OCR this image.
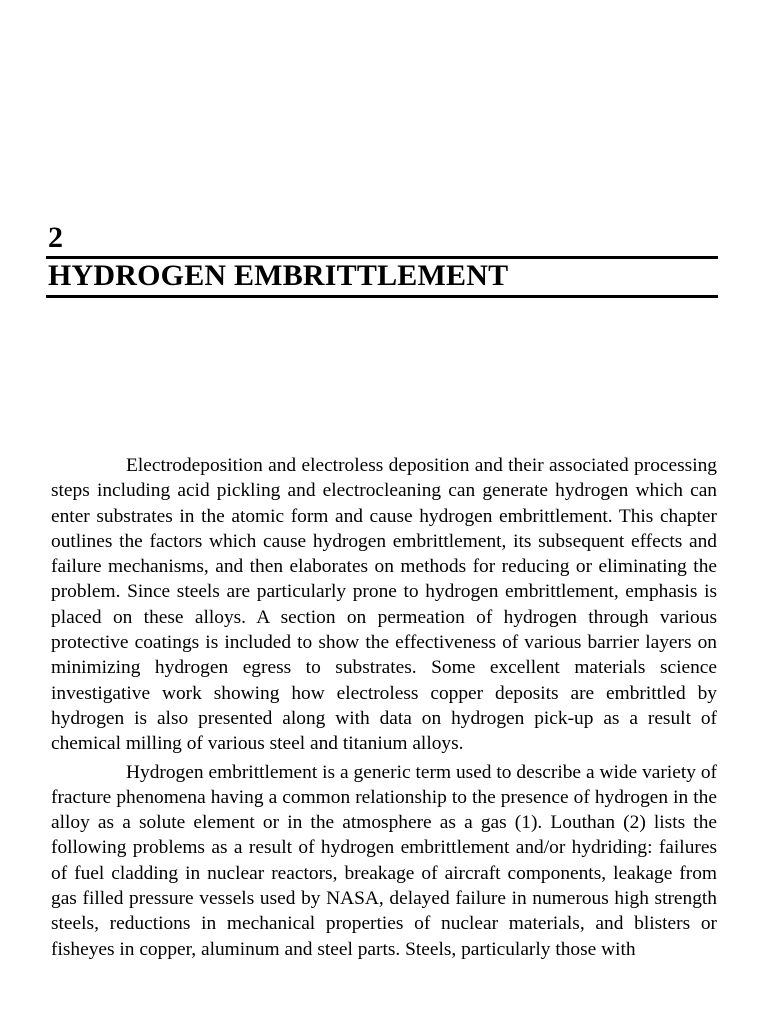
2
HYDROGEN EMBRITTLEMENT

Electrodeposition and electroless deposition and their associated processing steps including acid pickling and electrocleaning can generate hydrogen which can enter substrates in the atomic form and cause hydrogen embrittlement. This chapter outlines the factors which cause hydrogen embrittlement, its subsequent effects and failure mechanisms, and then elaborates on methods for reducing or eliminating the problem. Since steels are particularly prone to hydrogen embrittlement, emphasis is placed on these alloys. A section on permeation of hydrogen through various protective coatings is included to show the effectiveness of various barrier layers on minimizing hydrogen egress to substrates. Some excellent materials science investigative work showing how electroless copper deposits are embrittled by hydrogen is also presented along with data on hydrogen pick-up as a result of chemical milling of various steel and titanium alloys.

Hydrogen embrittlement is a generic term used to describe a wide variety of fracture phenomena having a common relationship to the presence of hydrogen in the alloy as a solute element or in the atmosphere as a gas (1). Louthan (2) lists the following problems as a result of hydrogen embrittlement and/or hydriding: failures of fuel cladding in nuclear reactors, breakage of aircraft components, leakage from gas filled pressure vessels used by NASA, delayed failure in numerous high strength steels, reductions in mechanical properties of nuclear materials, and blisters or fisheyes in copper, aluminum and steel parts. Steels, particularly those with
